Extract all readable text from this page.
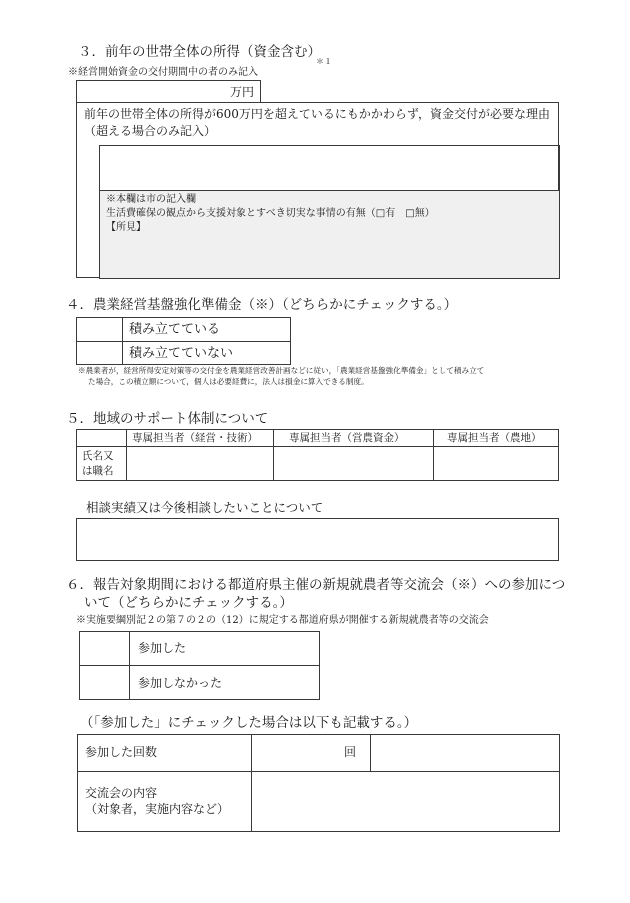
３．前年の世帯全体の所得（資金含む）
＊１
※経営開始資金の交付期間中の者のみ記入
万円
前年の世帯全体の所得が600万円を超えているにもかかわらず，資金交付が必要な理由
（超える場合のみ記入）
※本欄は市の記入欄
生活費確保の観点から支援対象とすべき切実な事情の有無（□有　□無）
【所見】
４．農業経営基盤強化準備金（※）（どちらかにチェックする。）
積み立てている
積み立てていない
※農業者が，経営所得安定対策等の交付金を農業経営改善計画などに従い，「農業経営基盤強化準備金」として積み立て
た場合，この積立額について，個人は必要経費に，法人は損金に算入できる制度。
５．地域のサポート体制について
専属担当者（経営・技術）	専属担当者（営農資金）	専属担当者（農地）
氏名又
は職名
相談実績又は今後相談したいことについて
６．報告対象期間における都道府県主催の新規就農者等交流会（※）への参加につ
いて（どちらかにチェックする。）
※実施要綱別記２の第７の２の（12）に規定する都道府県が開催する新規就農者等の交流会
参加した
参加しなかった
（「参加した」にチェックした場合は以下も記載する。）
参加した回数	回
交流会の内容
（対象者，実施内容など）
